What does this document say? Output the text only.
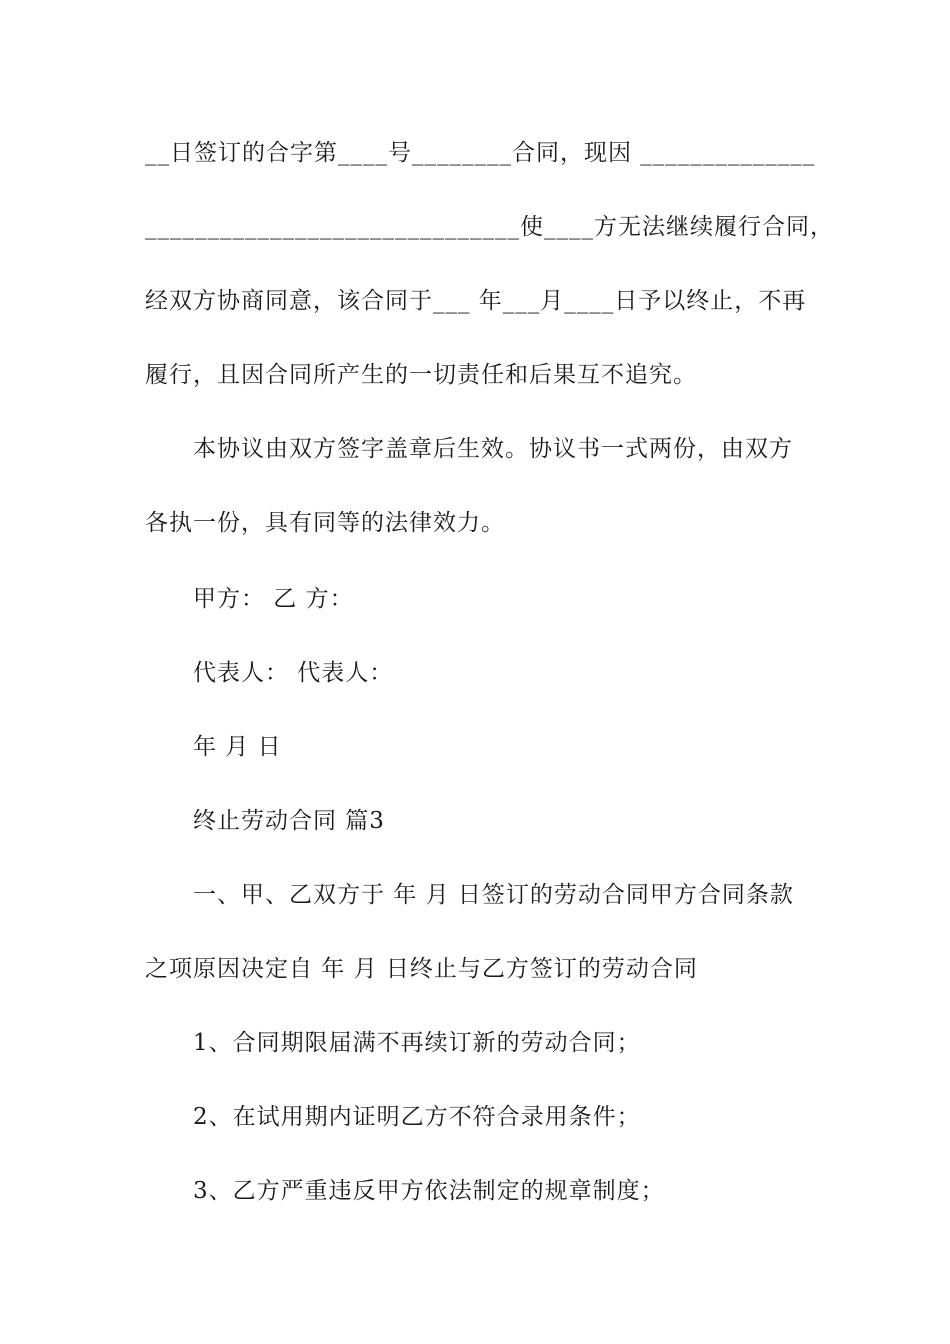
__日签订的合字第____号________合同，现因 ______________
______________________________使____方无法继续履行合同，
经双方协商同意，该合同于___ 年___月____日予以终止，不再
履行，且因合同所产生的一切责任和后果互不追究。
本协议由双方签字盖章后生效。协议书一式两份，由双方
各执一份，具有同等的法律效力。
甲方： 乙 方：
代表人： 代表人：
年 月 日
终止劳动合同 篇3
一、甲、乙双方于 年 月 日签订的劳动合同甲方合同条款
之项原因决定自 年 月 日终止与乙方签订的劳动合同
1、合同期限届满不再续订新的劳动合同；
2、在试用期内证明乙方不符合录用条件；
3、乙方严重违反甲方依法制定的规章制度；
